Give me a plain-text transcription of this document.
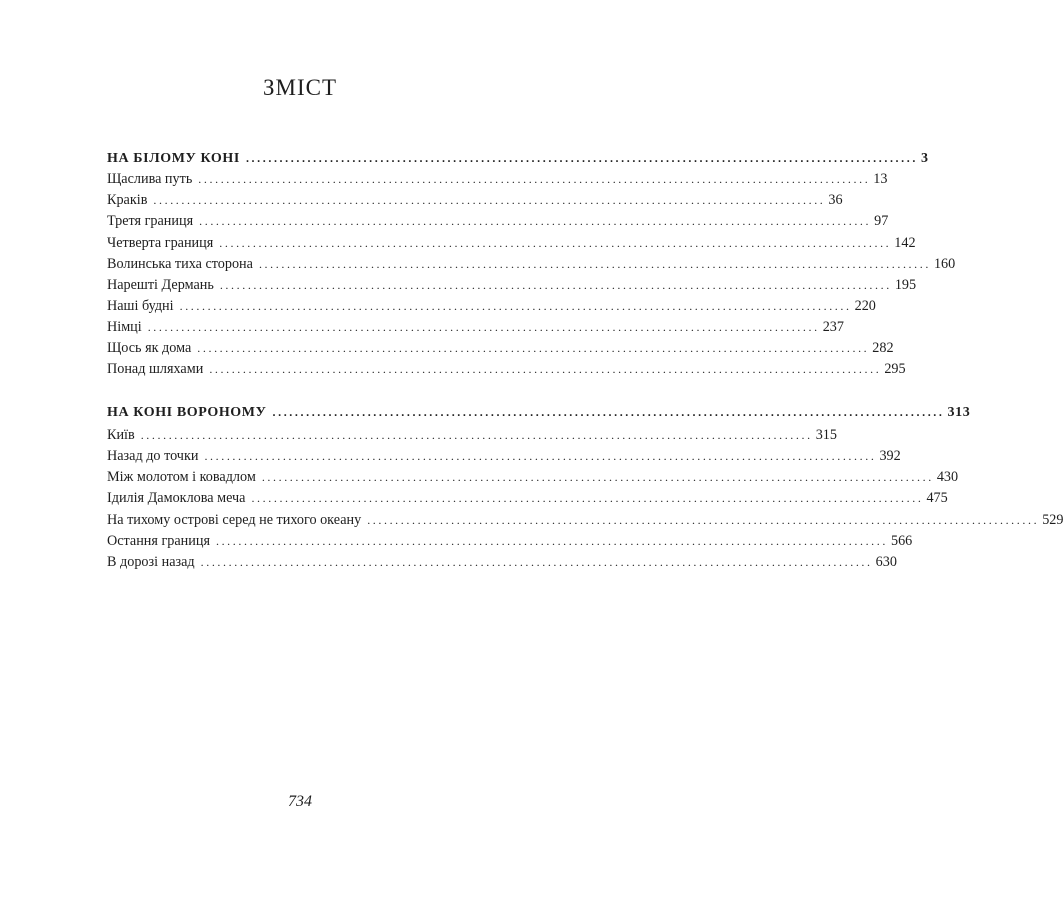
ЗМІСТ
НА БІЛОМУ КОНІ ........................................................................................................................ 3
Щаслива путь ........................................................................................................................ 13
Краків ........................................................................................................................ 36
Третя границя ........................................................................................................................ 97
Четверта границя ........................................................................................................................ 142
Волинська тиха сторона ........................................................................................................................ 160
Нарешті Дермань ........................................................................................................................ 195
Наші будні ........................................................................................................................ 220
Німці ........................................................................................................................ 237
Щось як дома ........................................................................................................................ 282
Понад шляхами ........................................................................................................................ 295
НА КОНІ ВОРОНОМУ ........................................................................................................................ 313
Київ ........................................................................................................................ 315
Назад до точки ........................................................................................................................ 392
Між молотом і ковадлом ........................................................................................................................ 430
Ідилія Дамоклова меча ........................................................................................................................ 475
На тихому острові серед не тихого океану ........................................................................................................................ 529
Остання границя ........................................................................................................................ 566
В дорозі назад ........................................................................................................................ 630
734
